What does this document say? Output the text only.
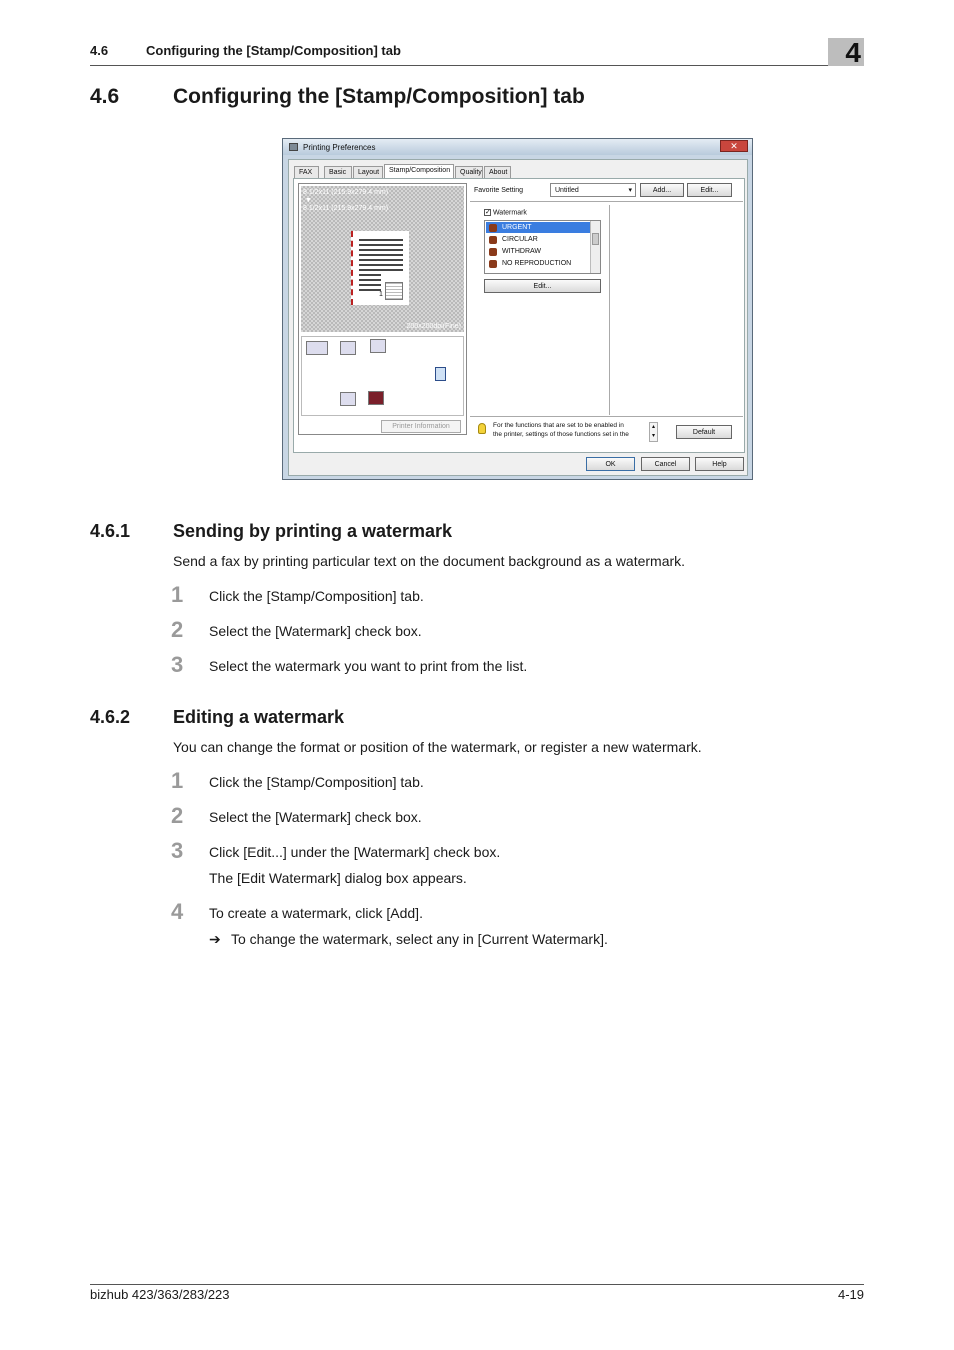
4.6	Configuring the [Stamp/Composition] tab	4
4.6	Configuring the [Stamp/Composition] tab
Printing Preferences	✕
FAX	Basic	Layout	Stamp/Composition	Quality	About
8 1/2x11 (215.9x279.4 mm)
▼
8 1/2x11 (215.9x279.4 mm)
1
200x200dpi(Fine)
Printer Information
Favorite Setting	Untitled	▾	Add...	Edit...
✓ Watermark
URGENT
CIRCULAR
WITHDRAW
NO REPRODUCTION
Edit...
For the functions that are set to be enabled in
the printer, settings of those functions set in the
▴
▾	Default
OK	Cancel	Help
4.6.1 Sending by printing a watermark

Send a fax by printing particular text on the document background as a watermark.

1 Click the [Stamp/Composition] tab.
2 Select the [Watermark] check box.
3 Select the watermark you want to print from the list.
4.6.2 Editing a watermark

You can change the format or position of the watermark, or register a new watermark.

1 Click the [Stamp/Composition] tab.
2 Select the [Watermark] check box.
3 Click [Edit...] under the [Watermark] check box.
The [Edit Watermark] dialog box appears.
4 To create a watermark, click [Add].
➔ To change the watermark, select any in [Current Watermark].
bizhub 423/363/283/223	4-19
